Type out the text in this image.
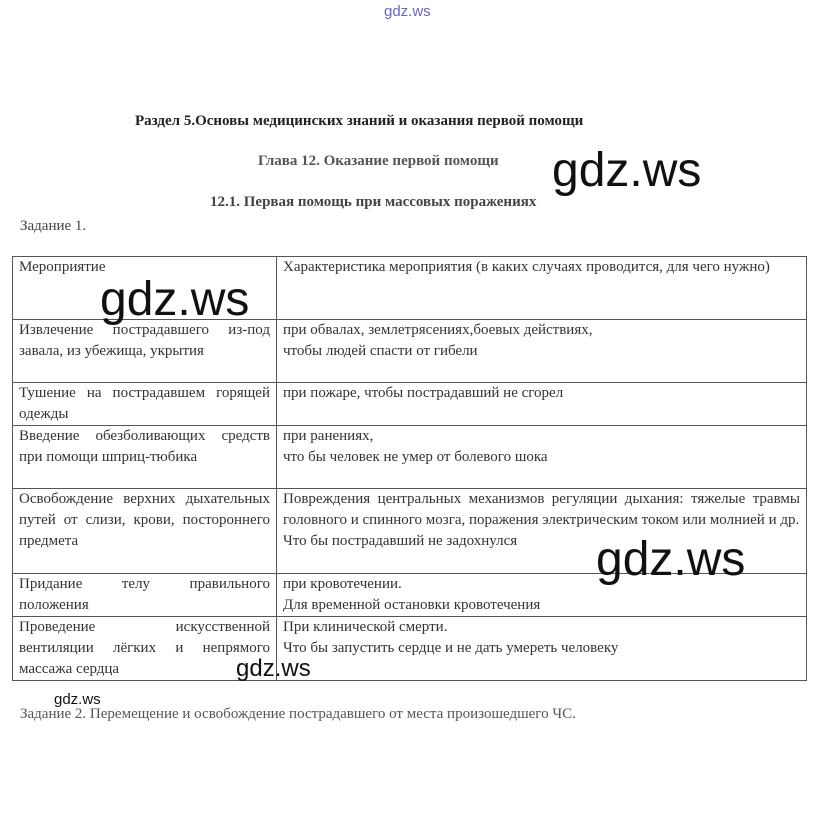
gdz.ws
Раздел 5.Основы медицинских знаний и оказания первой помощи
Глава 12. Оказание первой помощи
12.1. Первая помощь при массовых поражениях
Задание 1.
Мероприятие	Характеристика мероприятия (в каких случаях проводится, для чего нужно)
Извлечение пострадавшего из-под завала, из убежища, укрытия	при обвалах, землетрясениях,боевых действиях,
чтобы людей спасти от гибели

Тушение на пострадавшем горящей одежды	при пожаре, чтобы пострадавший не сгорел

Введение обезболивающих средств при помощи шприц-тюбика	при ранениях,
что бы человек не умер от болевого шока

Освобождение верхних дыхательных путей от слизи, крови, постороннего предмета	Повреждения центральных механизмов регуляции дыхания: тяжелые травмы головного и спинного мозга, поражения электрическим током или молнией и др.
Что бы пострадавший не задохнулся

Придание телу правильного положения	при кровотечении.
Для временной остановки кровотечения

Проведение искусственной вентиляции лёгких и непрямого массажа сердца	При клинической смерти.
Что бы запустить сердце и не дать умереть человеку
Задание 2. Перемещение и освобождение пострадавшего от места произошедшего ЧС.
gdz.ws
gdz.ws
gdz.ws
gdz.ws
gdz.ws
